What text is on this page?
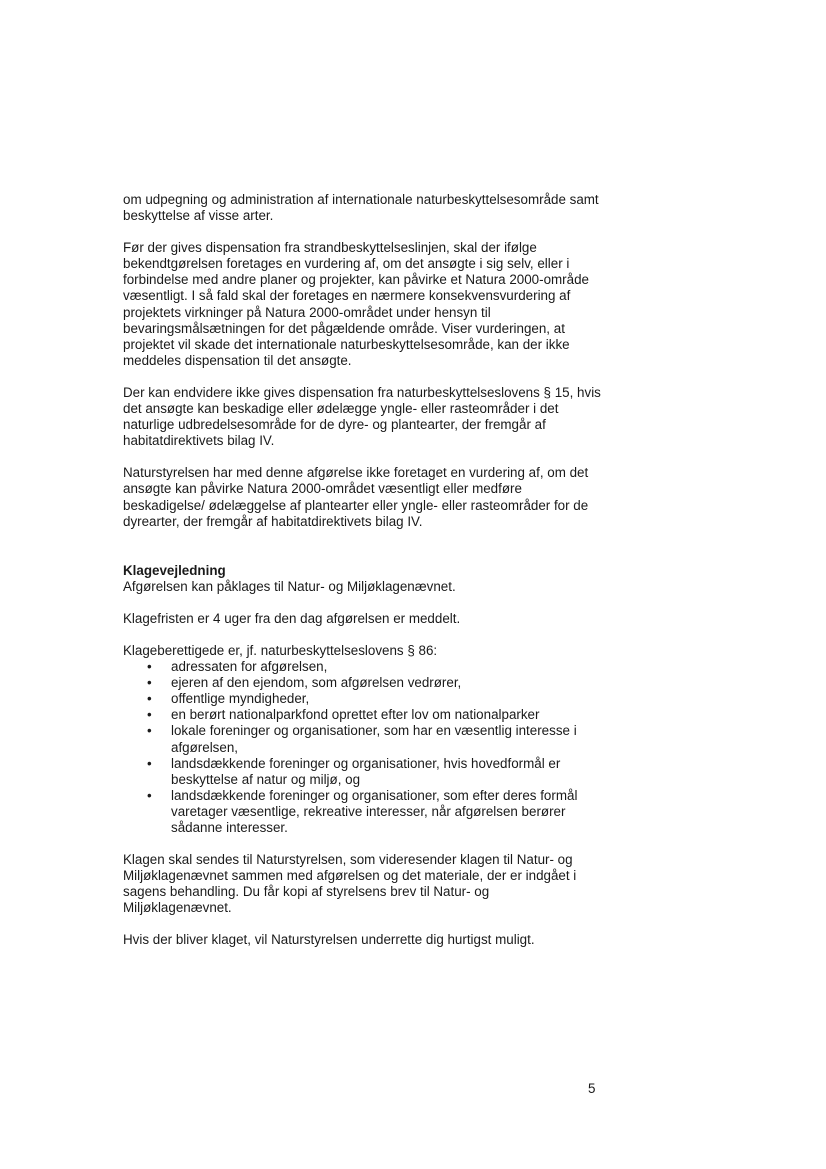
om udpegning og administration af internationale naturbeskyttelsesområde samt beskyttelse af visse arter.

Før der gives dispensation fra strandbeskyttelseslinjen, skal der ifølge bekendtgørelsen foretages en vurdering af, om det ansøgte i sig selv, eller i forbindelse med andre planer og projekter, kan påvirke et Natura 2000-område væsentligt. I så fald skal der foretages en nærmere konsekvensvurdering af projektets virkninger på Natura 2000-området under hensyn til bevaringsmålsætningen for det pågældende område. Viser vurderingen, at projektet vil skade det internationale naturbeskyttelsesområde, kan der ikke meddeles dispensation til det ansøgte.

Der kan endvidere ikke gives dispensation fra naturbeskyttelseslovens § 15, hvis det ansøgte kan beskadige eller ødelægge yngle- eller rasteområder i det naturlige udbredelsesområde for de dyre- og plantearter, der fremgår af habitatdirektivets bilag IV.

Naturstyrelsen har med denne afgørelse ikke foretaget en vurdering af, om det ansøgte kan påvirke Natura 2000-området væsentligt eller medføre beskadigelse/ ødelæggelse af plantearter eller yngle- eller rasteområder for de dyrearter, der fremgår af habitatdirektivets bilag IV.

Klagevejledning

Afgørelsen kan påklages til Natur- og Miljøklagenævnet.

Klagefristen er 4 uger fra den dag afgørelsen er meddelt.

Klageberettigede er, jf. naturbeskyttelseslovens § 86:

• adressaten for afgørelsen,
• ejeren af den ejendom, som afgørelsen vedrører,
• offentlige myndigheder,
• en berørt nationalparkfond oprettet efter lov om nationalparker
• lokale foreninger og organisationer, som har en væsentlig interesse i afgørelsen,
• landsdækkende foreninger og organisationer, hvis hovedformål er beskyttelse af natur og miljø, og
• landsdækkende foreninger og organisationer, som efter deres formål varetager væsentlige, rekreative interesser, når afgørelsen berører sådanne interesser.

Klagen skal sendes til Naturstyrelsen, som videresender klagen til Natur- og Miljøklagenævnet sammen med afgørelsen og det materiale, der er indgået i sagens behandling. Du får kopi af styrelsens brev til Natur- og Miljøklagenævnet.

Hvis der bliver klaget, vil Naturstyrelsen underrette dig hurtigst muligt.

5
